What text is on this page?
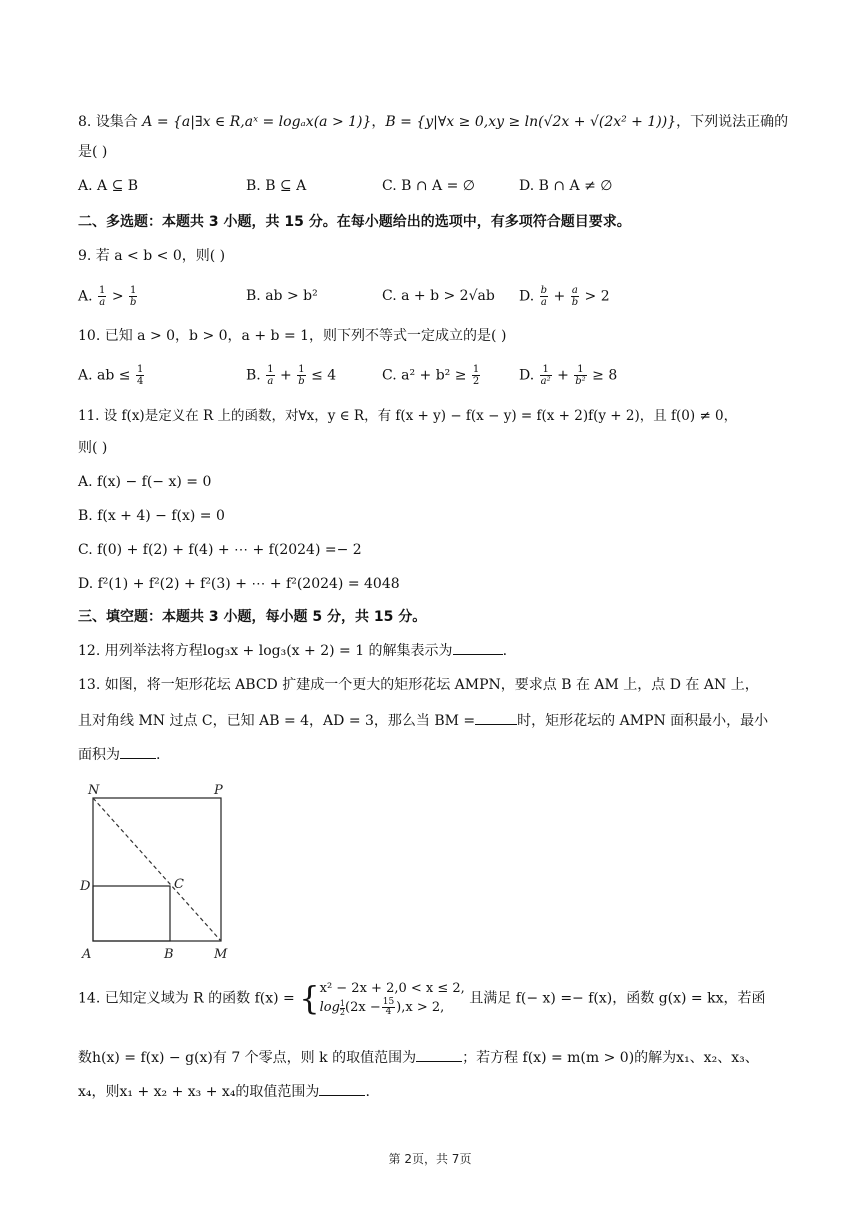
8. 设集合 A = {a|∃x ∈ R,aˣ = logₐx(a > 1)}，B = {y|∀x ≥ 0,xy ≥ ln(√2x + √(2x² + 1))}，下列说法正确的
是( )
A. A ⊆ B	B. B ⊆ A	C. B ∩ A = ∅	D. B ∩ A ≠ ∅
二、多选题：本题共 3 小题，共 15 分。在每小题给出的选项中，有多项符合题目要求。
9. 若 a < b < 0，则( )
A. $\frac{1}{a} > \frac{1}{b}$	B. ab > b²	C. a + b > 2√ab D. $\frac{b}{a} + \frac{a}{b} > 2$
10. 已知 a > 0，b > 0，a + b = 1，则下列不等式一定成立的是( )
A. ab ≤ $\frac{1}{4}$	B. $\frac{1}{a} + \frac{1}{b} \le 4$	C. $a^2 + b^2 \ge \frac{1}{2}$	D. $\frac{1}{\text{a²}} + \frac{1}{\text{b²}} \ge 8$
11. 设 f(x)是定义在 R 上的函数，对∀x，y ∈ R，有 f(x + y) − f(x − y) = f(x + 2)f(y + 2)，且 f(0) ≠ 0，
则( )
A. f(x) − f(− x) = 0
B. f(x + 4) − f(x) = 0
C. f(0) + f(2) + f(4) + ⋯ + f(2024) =− 2
D. f²(1) + f²(2) + f²(3) + ⋯ + f²(2024) = 4048
三、填空题：本题共 3 小题，每小题 5 分，共 15 分。
12. 用列举法将方程log₃x + log₃(x + 2) = 1 的解集表示为	.
13. 如图，将一矩形花坛 ABCD 扩建成一个更大的矩形花坛 AMPN，要求点 B 在 AM 上，点 D 在 AN 上，
且对角线 MN 过点 C，已知 AB = 4，AD = 3，那么当 BM =	时，矩形花坛的 AMPN 面积最小，最小
面积为	.
N	P
D	C
A	B	M
14. 已知定义域为 R 的函数 f(x) = { x² − 2x + 2,0 < x ≤ 2,
$\log \frac{1}{2} (2x - \frac{15}{4} ),x > 2$,
且满足 f(− x) =− f(x)，函数 g(x) = kx，若函
数h(x) = f(x) − g(x)有 7 个零点，则 k 的取值范围为	；若方程 f(x) = m(m > 0)的解为x₁、x₂、x₃、
x₄，则x₁ + x₂ + x₃ + x₄的取值范围为	.
第 2页，共 7页
